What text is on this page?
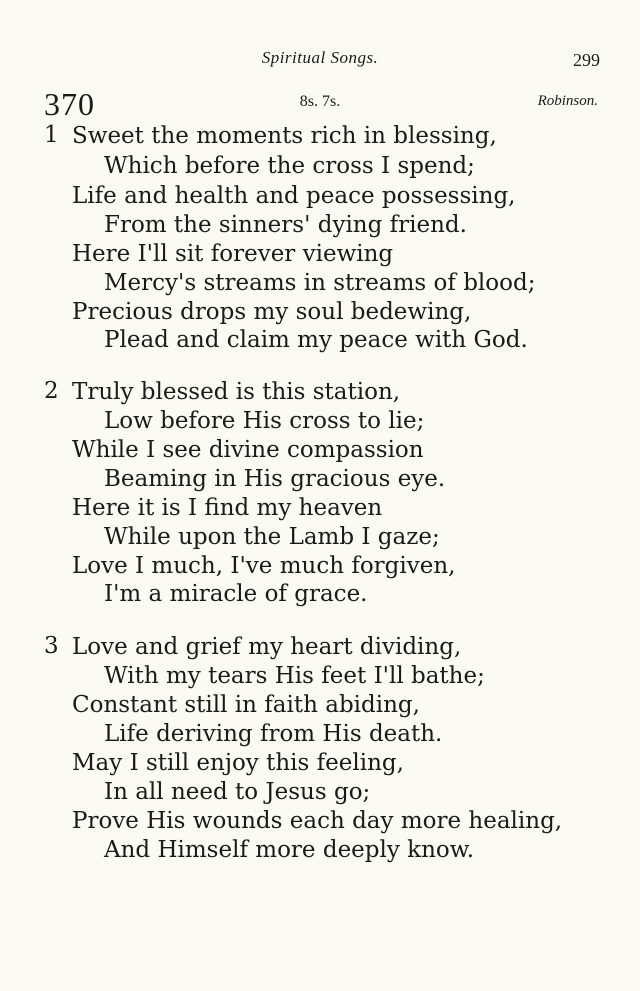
Spiritual Songs.	299
370	8s. 7s.	Robinson.
1 Sweet the moments rich in blessing,
Which before the cross I spend;
Life and health and peace possessing,
From the sinners' dying friend.
Here I'll sit forever viewing
Mercy's streams in streams of blood;
Precious drops my soul bedewing,
Plead and claim my peace with God.
2 Truly blessed is this station,
Low before His cross to lie;
While I see divine compassion
Beaming in His gracious eye.
Here it is I find my heaven
While upon the Lamb I gaze;
Love I much, I've much forgiven,
I'm a miracle of grace.
3 Love and grief my heart dividing,
With my tears His feet I'll bathe;
Constant still in faith abiding,
Life deriving from His death.
May I still enjoy this feeling,
In all need to Jesus go;
Prove His wounds each day more healing,
And Himself more deeply know.
